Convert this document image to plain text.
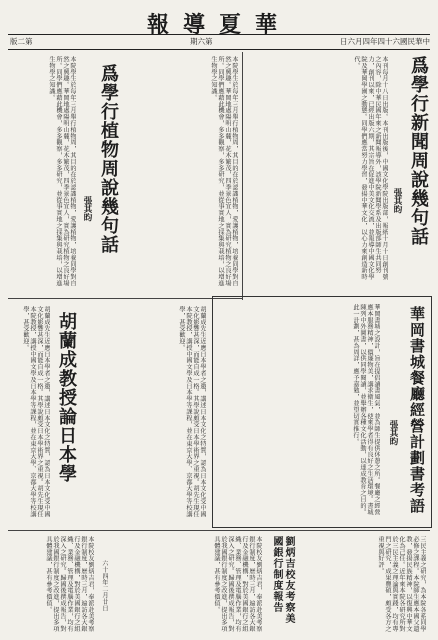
報導夏華
版二第	期六第	日六月四年四十六國民華中
爲學行新聞周說幾句話
張其昀
本刊每月十八日出版。本刊出版後，中國文化學院出版部，報紙十月十日創刊號之內容，除中華民國年來之新聞報導外，該學院新聞學系及出版部師生共同努力，創刊以來，已經出版六期，其宗旨在促進中美文化交流，並報導中國文化學院及華岡學園之動態。同學們應當努力學習，發揚中華文化，以心力來創造新時代。
本院學生於每年三月舉行植物周，其目的在於認識植物，愛護植物，培養同學對自然之興趣。華岡地處陽明山麓，花木繁茂，四季景色宜人，實為研究植物之良好場所。同學們應藉此機會，多多觀察，多多研究，並從事實地之採集與栽培，以增進生物學之知識。
爲學行植物周說幾句話
張其昀
本院學生於每年三月舉行植物周，其目的在於認識植物，愛護植物，培養同學對自然之興趣。華岡地處陽明山麓，花木繁茂，四季景色宜人，實為研究植物之良好場所。同學們應藉此機會，多多觀察，多多研究，並從事實地之採集與栽培，以增進生物學之知識。
華岡書城餐廳經營計劃書考語
張其昀
華岡書城之設計，旨在提倡讀書風氣，並為師生提供休憩之所。餐廳之經營應本服務精神，價廉物美，講求衛生，使來學者得有良好之生活環境。書城陳列中外圖書，以供同學閱讀，並舉辦各種文化活動，以達成教育之目的。此一計劃，甚為周詳，應予嘉勉，並望切實推行。
胡蘭成先生近應日本學者之邀，講述日本文化之特質，認為日本文化受中國文化影響甚深，而能自成一格。其學說頗受日本學術界之重視。胡先生現任本院教授，講授中國文學及日本學等課程，並在東京大學、京都大學等校講學，甚受歡迎。
胡蘭成教授論日本學
胡蘭成先生近應日本學者之邀，講述日本文化之特質，認為日本文化受中國文化影響甚深，而能自成一格。其學說頗受日本學術界之重視。胡先生現任本院教授，講授中國文學及日本學等課程，並在東京大學、京都大學等校講學，甚受歡迎。
三民主義之研究，為本院各系同學必修之課程。本院師生應本國父遺教，發揚民族精神，以復興中華文化為己任。近年來本院各研究所對於三民主義之理論與實踐，均有專門之研究，成果豐碩，頗受各方之重視與好評。
劉炳吉校友考察美國銀行制度報告
本院校友劉炳吉君，奉派赴美考察銀行制度，歷時三月，遍訪各大銀行及金融機構，對於美國銀行之組織、業務、管理及電腦作業，均有深入之研究。歸國後撰成報告，對於我國銀行制度之改進，提出多項具體建議，甚有參考價值。
六十四年二月廿日
本院校友劉炳吉君，奉派赴美考察銀行制度，歷時三月，遍訪各大銀行及金融機構，對於美國銀行之組織、業務、管理及電腦作業，均有深入之研究。歸國後撰成報告，對於我國銀行制度之改進，提出多項具體建議，甚有參考價值。
